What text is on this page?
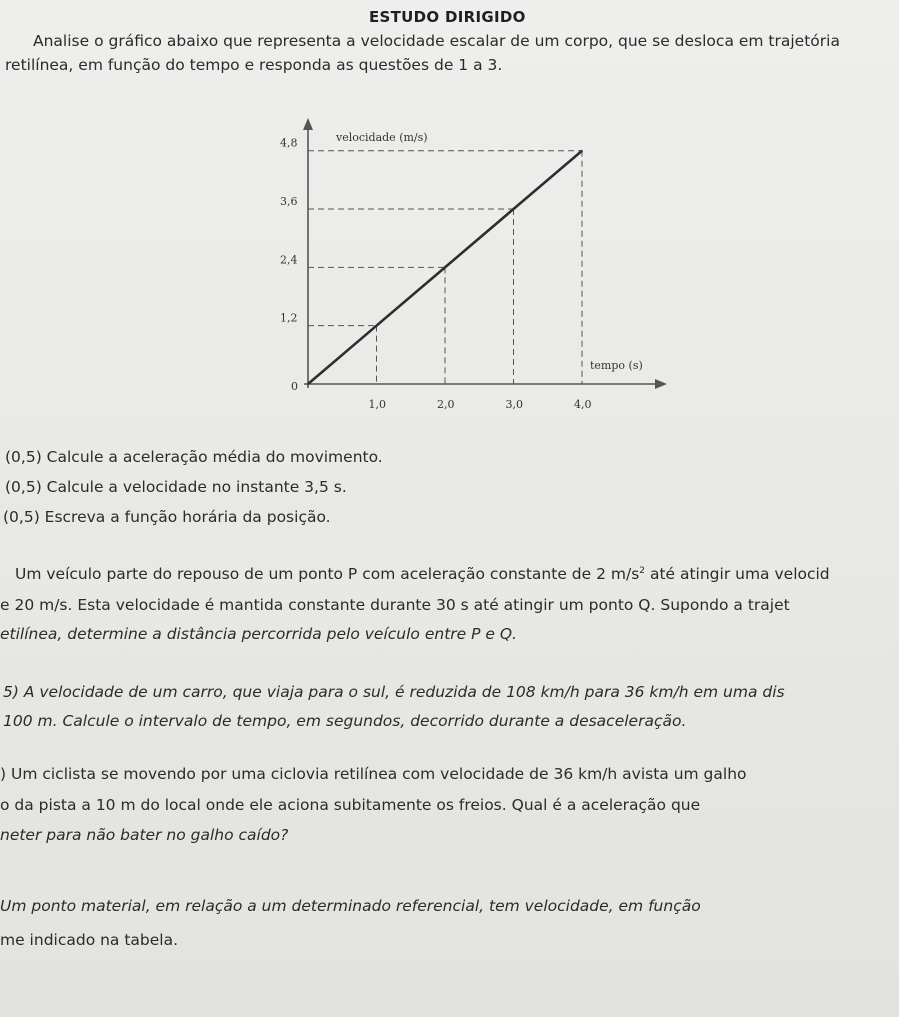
ESTUDO DIRIGIDO
Analise o gráfico abaixo que representa a velocidade escalar de um corpo, que se desloca em trajetória
retilínea, em função do tempo e responda as questões de 1 a 3.
velocidade (m/s)
tempo (s)
0
1,0
1,2
2,0
2,4
3,0
3,6
4,0
4,8
(0,5) Calcule a aceleração média do movimento.
(0,5) Calcule a velocidade no instante 3,5 s.
(0,5) Escreva a função horária da posição.
Um veículo parte do repouso de um ponto P com aceleração constante de 2 $m/s^2$ até atingir uma velocid
e 20 m/s. Esta velocidade é mantida constante durante 30 s até atingir um ponto Q. Supondo a trajet
etilínea, determine a distância percorrida pelo veículo entre P e Q.
5) A velocidade de um carro, que viaja para o sul, é reduzida de 108 km/h para 36 km/h em uma dis
100 m. Calcule o intervalo de tempo, em segundos, decorrido durante a desaceleração.
) Um ciclista se movendo por uma ciclovia retilínea com velocidade de 36 km/h avista um galho
o da pista a 10 m do local onde ele aciona subitamente os freios. Qual é a aceleração que
neter para não bater no galho caído?
Um ponto material, em relação a um determinado referencial, tem velocidade, em função
me indicado na tabela.
